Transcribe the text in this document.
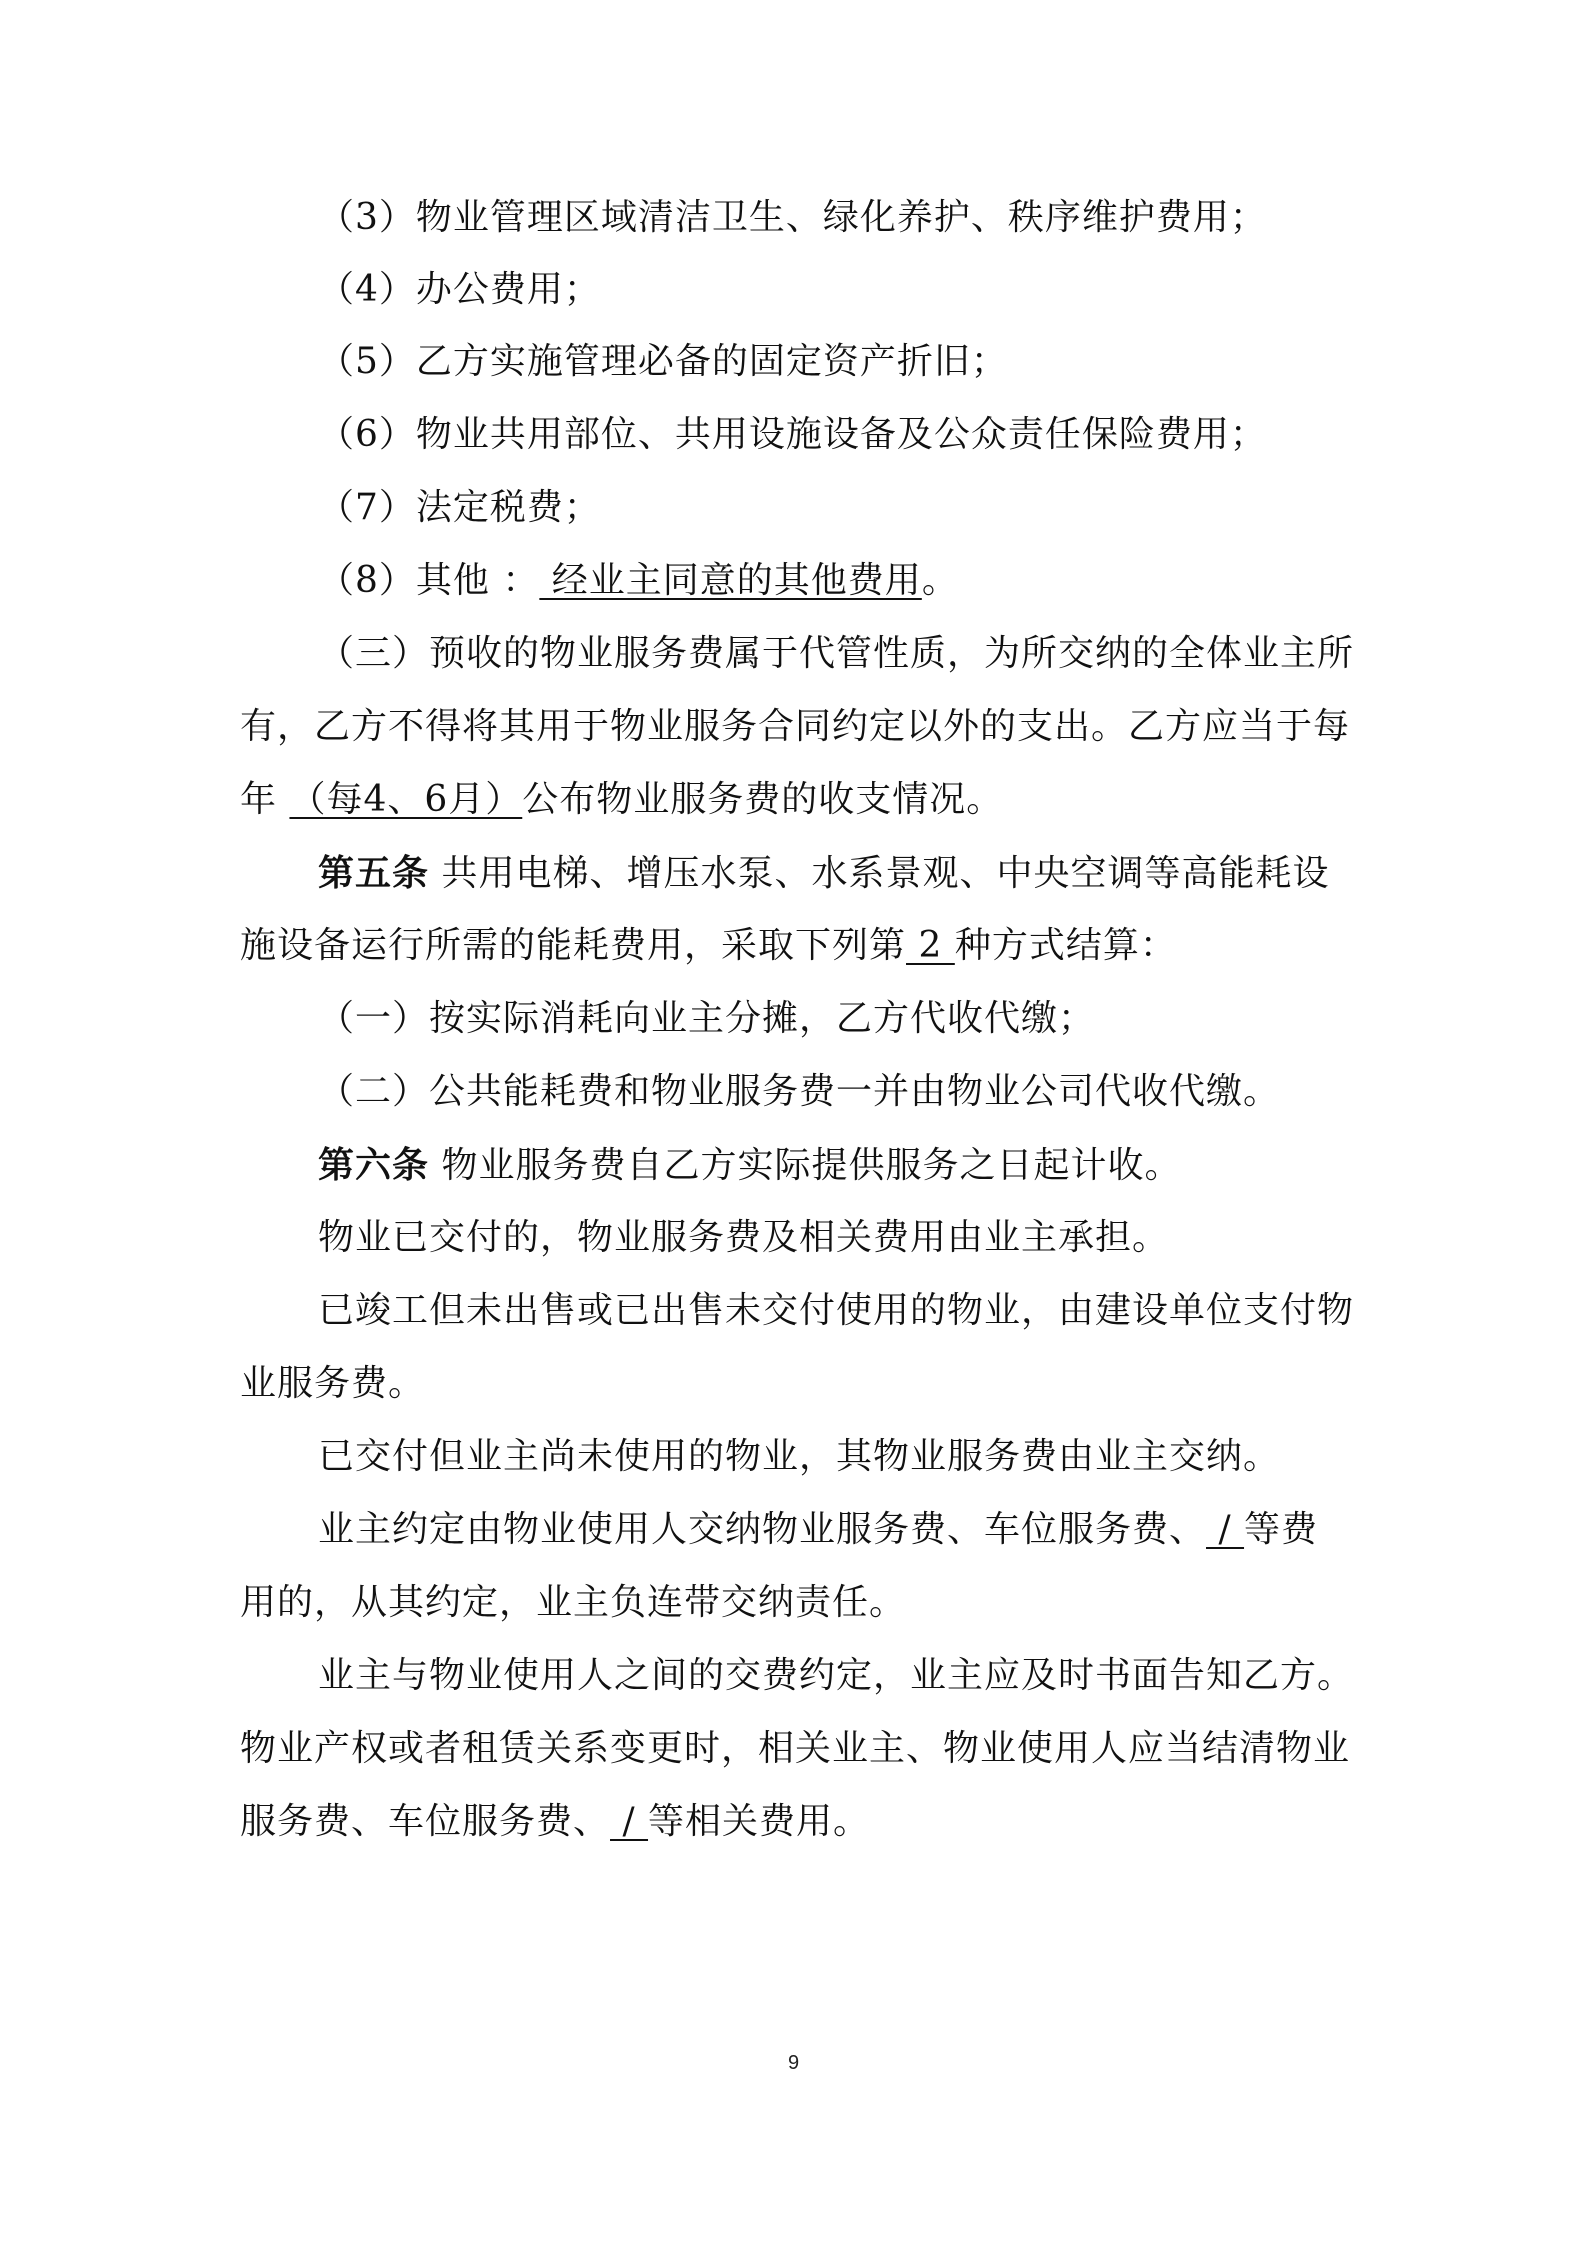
（3）物业管理区域清洁卫生、绿化养护、秩序维护费用；
（4）办公费用；
（5）乙方实施管理必备的固定资产折旧；
（6）物业共用部位、共用设施设备及公众责任保险费用；
（7）法定税费；
（8）其他 ： 经业主同意的其他费用。
（三）预收的物业服务费属于代管性质，为所交纳的全体业主所
有，乙方不得将其用于物业服务合同约定以外的支出。乙方应当于每
年 （每4、6月）公布物业服务费的收支情况。
第五条 共用电梯、增压水泵、水系景观、中央空调等高能耗设
施设备运行所需的能耗费用，采取下列第 2 种方式结算：
（一）按实际消耗向业主分摊，乙方代收代缴；
（二）公共能耗费和物业服务费一并由物业公司代收代缴。
第六条 物业服务费自乙方实际提供服务之日起计收。
物业已交付的，物业服务费及相关费用由业主承担。
已竣工但未出售或已出售未交付使用的物业，由建设单位支付物
业服务费。
已交付但业主尚未使用的物业，其物业服务费由业主交纳。
业主约定由物业使用人交纳物业服务费、车位服务费、 / 等费
用的，从其约定，业主负连带交纳责任。
业主与物业使用人之间的交费约定，业主应及时书面告知乙方。
物业产权或者租赁关系变更时，相关业主、物业使用人应当结清物业
服务费、车位服务费、 / 等相关费用。
9
